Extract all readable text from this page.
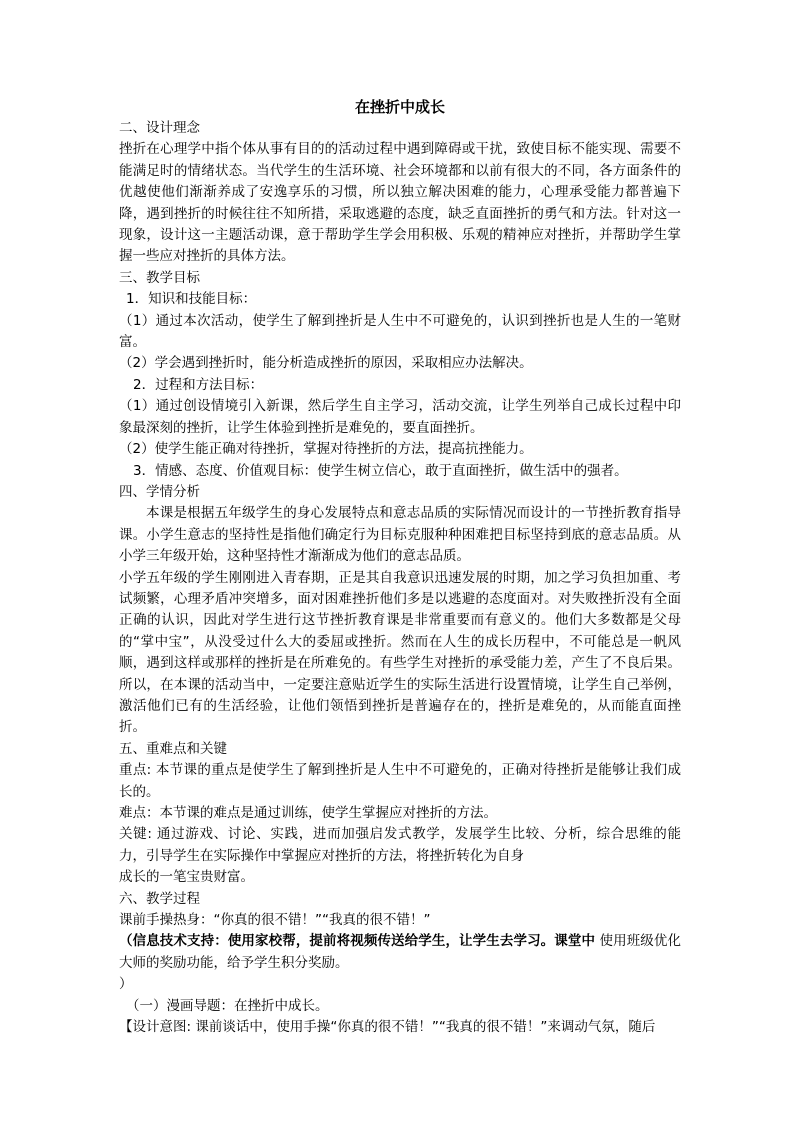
在挫折中成长

二、设计理念

挫折在心理学中指个体从事有目的的活动过程中遇到障碍或干扰，致使目标不能实现、需要不能满足时的情绪状态。当代学生的生活环境、社会环境都和以前有很大的不同，各方面条件的优越使他们渐渐养成了安逸享乐的习惯，所以独立解决困难的能力，心理承受能力都普遍下降，遇到挫折的时候往往不知所措，采取逃避的态度，缺乏直面挫折的勇气和方法。针对这一现象，设计这一主题活动课，意于帮助学生学会用积极、乐观的精神应对挫折，并帮助学生掌握一些应对挫折的具体方法。

三、教学目标

1．知识和技能目标：

（1）通过本次活动，使学生了解到挫折是人生中不可避免的，认识到挫折也是人生的一笔财富。

（2）学会遇到挫折时，能分析造成挫折的原因，采取相应办法解决。

2．过程和方法目标：

（1）通过创设情境引入新课，然后学生自主学习，活动交流，让学生列举自己成长过程中印象最深刻的挫折，让学生体验到挫折是难免的，要直面挫折。

（2）使学生能正确对待挫折，掌握对待挫折的方法，提高抗挫能力。

3．情感、态度、价值观目标：使学生树立信心，敢于直面挫折，做生活中的强者。

四、学情分析

本课是根据五年级学生的身心发展特点和意志品质的实际情况而设计的一节挫折教育指导课。小学生意志的坚持性是指他们确定行为目标克服种种困难把目标坚持到底的意志品质。从小学三年级开始，这种坚持性才渐渐成为他们的意志品质。

小学五年级的学生刚刚进入青春期，正是其自我意识迅速发展的时期，加之学习负担加重、考试频繁，心理矛盾冲突增多，面对困难挫折他们多是以逃避的态度面对。对失败挫折没有全面正确的认识，因此对学生进行这节挫折教育课是非常重要而有意义的。他们大多数都是父母的“掌中宝”，从没受过什么大的委屈或挫折。然而在人生的成长历程中，不可能总是一帆风顺，遇到这样或那样的挫折是在所难免的。有些学生对挫折的承受能力差，产生了不良后果。所以，在本课的活动当中，一定要注意贴近学生的实际生活进行设置情境，让学生自己举例，激活他们已有的生活经验，让他们领悟到挫折是普遍存在的，挫折是难免的，从而能直面挫折。

五、重难点和关键

重点: 本节课的重点是使学生了解到挫折是人生中不可避免的，正确对待挫折是能够让我们成长的。

难点：本节课的难点是通过训练，使学生掌握应对挫折的方法。

关键: 通过游戏、讨论、实践，进而加强启发式教学，发展学生比较、分析，综合思维的能力，引导学生在实际操作中掌握应对挫折的方法，将挫折转化为自身

成长的一笔宝贵财富。

六、教学过程

课前手操热身：“你真的很不错！”“我真的很不错！”

（信息技术支持：使用家校帮，提前将视频传送给学生，让学生去学习。课堂中 使用班级优化大师的奖励功能，给予学生积分奖励。

）

（一）漫画导题：在挫折中成长。

【设计意图: 课前谈话中，使用手操“你真的很不错！”“我真的很不错！”来调动气氛，随后
